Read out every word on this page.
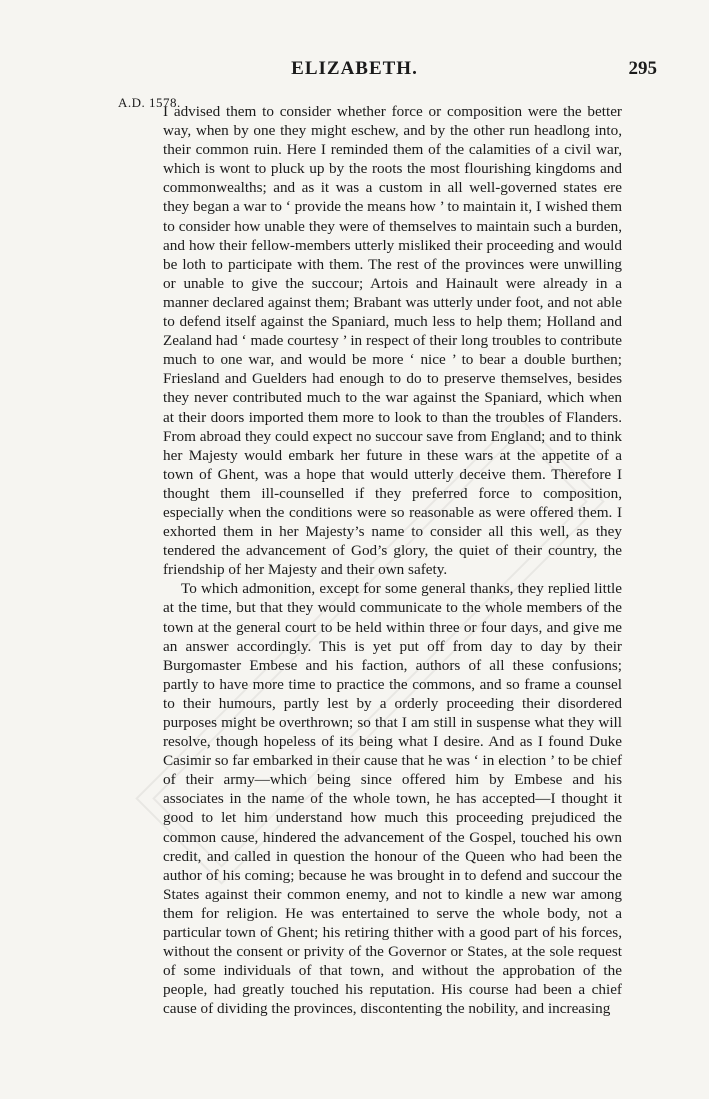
ELIZABETH.	295
A.D. 1578.

I advised them to consider whether force or composition were the better way, when by one they might eschew, and by the other run headlong into, their common ruin. Here I reminded them of the calamities of a civil war, which is wont to pluck up by the roots the most flourishing kingdoms and commonwealths; and as it was a custom in all well-governed states ere they began a war to ‘ provide the means how ’ to maintain it, I wished them to consider how unable they were of themselves to maintain such a burden, and how their fellow-members utterly misliked their proceeding and would be loth to participate with them. The rest of the provinces were unwilling or unable to give the succour; Artois and Hainault were already in a manner declared against them; Brabant was utterly under foot, and not able to defend itself against the Spaniard, much less to help them; Holland and Zealand had ‘ made courtesy ’ in respect of their long troubles to contribute much to one war, and would be more ‘ nice ’ to bear a double burthen; Friesland and Guelders had enough to do to preserve themselves, besides they never contributed much to the war against the Spaniard, which when at their doors imported them more to look to than the troubles of Flanders. From abroad they could expect no succour save from England; and to think her Majesty would embark her future in these wars at the appetite of a town of Ghent, was a hope that would utterly deceive them. Therefore I thought them ill-counselled if they preferred force to composition, especially when the conditions were so reasonable as were offered them. I exhorted them in her Majesty’s name to consider all this well, as they tendered the advancement of God’s glory, the quiet of their country, the friendship of her Majesty and their own safety.

To which admonition, except for some general thanks, they replied little at the time, but that they would communicate to the whole members of the town at the general court to be held within three or four days, and give me an answer accordingly. This is yet put off from day to day by their Burgomaster Embese and his faction, authors of all these confusions; partly to have more time to practice the commons, and so frame a counsel to their humours, partly lest by a orderly proceeding their disordered purposes might be overthrown; so that I am still in suspense what they will resolve, though hopeless of its being what I desire. And as I found Duke Casimir so far embarked in their cause that he was ‘ in election ’ to be chief of their army—which being since offered him by Embese and his associates in the name of the whole town, he has accepted—I thought it good to let him understand how much this proceeding prejudiced the common cause, hindered the advancement of the Gospel, touched his own credit, and called in question the honour of the Queen who had been the author of his coming; because he was brought in to defend and succour the States against their common enemy, and not to kindle a new war among them for religion. He was entertained to serve the whole body, not a particular town of Ghent; his retiring thither with a good part of his forces, without the consent or privity of the Governor or States, at the sole request of some individuals of that town, and without the approbation of the people, had greatly touched his reputation. His course had been a chief cause of dividing the provinces, discontenting the nobility, and increasing
